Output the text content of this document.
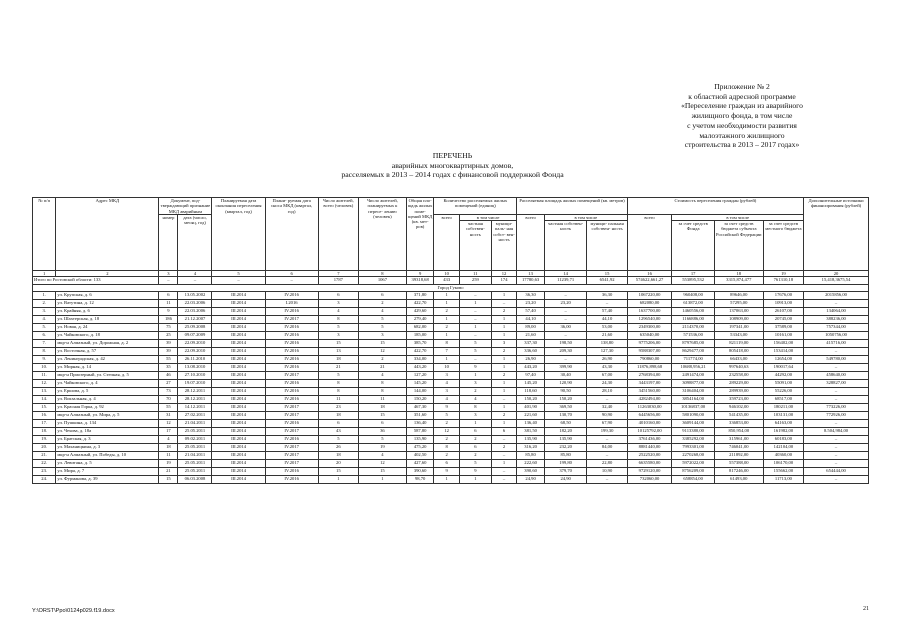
Приложение № 2
к областной адресной программе
«Переселение граждан из аварийного
жилищного фонда, в том числе
с учетом необходимости развития
малоэтажного жилищного
строительства в 2013 – 2017 годах»
ПЕРЕЧЕНЬ
аварийных многоквартирных домов,
расселяемых в 2013 – 2014 годах с финансовой поддержкой Фонда
№ п/п	Адрес МКД	Документ, под- тверждающий признание МКД аварийным		Планируемая дата окончания переселения (квартал, год)	Плани- руемая дата сноса МКД (квартал, год)	Число жителей, всего (человек)	Число жителей, планируемых к пересе- лению (человек)	Общая пло- щадь жилых поме- щений МКД (кв. мет- ров)	Количество расселяемых жилых помещений (единиц)			Расселяемая площадь жилых помещений (кв. метров)			Стоимость переселения граждан (рублей)				Дополнительные источники финансирования (рублей)
		номер	дата (число, месяц, год)						всего	в том числе		всего	в том числе		всего	в том числе			
										частная собствен- ность	муници- паль- ная собст- вен- ность		частная собствен- ность	муници- пальная собствен- ность		за счет средств Фонда	за счет средств бюджета субъекта Российской Федерации	за счет средств местного бюджета	
1	2	3	4	5	6	7	8	9	10	11	12	13	14	15	16	17	18	19	20
Итого по Ростовской области: 133		–	–	–	–	1787	1067	39318,68	433	259	174	17780,63	11239,71	6541,92	574622,661,27	553895,532	3315,874,477	761310,18	15,418,3675,54
Город Гуково																			
1.	ул. Крупская, д. 6	6	13.05.2002	III.2014	IV.2016	6	6	371,80	1	–	1	36,30	–	36,30	1067220,00	960408,00	89646,00	17676,00	2015856,00
2.	ул. Ватутина, д. 12	11	22.03.2006	III.2014	I.2016	3	2	422,70	1	1	–	23,20	23,20	–	682080,00	613872,00	57295,00	10913,00	–
3.	ул. Крайняя, д. 6	9	22.03.2006	III.2014	IV.2016	4	4	429,60	2	–	2	57,40	–	57,40	1637700,00	1460556,00	137063,00	26107,00	134064,00
4.	ул. Шахтерская, д. 18	186	21.12.2007	III.2014	IV.2017	8	5	279,40	1	–	1	44,10	–	44,10	1296540,00	1166886,00	108909,00	20745,00	388236,00
5.	ул. Новая, д. 24	75	25.09.2008	III.2014	IV.2016	5	5	682,00	2	1	1	89,00	36,00	53,00	2349300,00	2114370,00	197341,00	37589,00	757344,00
6.	ул. Чайковского, д. 18	25	09.07.2009	III.2014	IV.2016	3	3	185,00	1	–	1	21,60	–	21,60	635040,00	571536,00	53343,00	10161,00	1050756,00
7.	мкр-н Алмазный, ул. Дорожная, д. 2	39	22.09.2010	III.2014	IV.2016	15	15	385,70	8	5	3	337,30	198,50	138,80	9775206,00	8797685,00	821119,00	156402,00	415716,00
8.	ул. Восточная, д. 57	39	22.09.2010	III.2014	IV.2016	13	12	422,70	7	5	2	336,60	209,30	127,30	9588307,00	8629477,00	805418,00	153414,00	–
9.	ул. Ленинградская, д. 42	55	26.11.2010	III.2014	IV.2016	18	2	334,00	1	–	1	26,90	–	26,90	790860,00	711774,00	66433,00	12654,00	549780,00
10.	ул. Мирная, д. 14	35	13.08.2010	III.2014	IV.2016	21	21	443,20	10	9	1	443,20	399,90	43,30	11876,898,68	10688,956,21	997640,63	190017,64	–
11.	мкр-н Приозерный, ул. Степная, д. 5	46	27.10.2010	III.2014	IV.2017	5	4	127,20	3	1	2	97,40	30,40	67,00	2768394,00	2491474,00	232558,00	44292,00	458640,00
12.	ул. Чайковского, д. 4	27	19.07.2010	III.2014	IV.2016	8	8	145,20	4	3	1	145,20	120,90	24,30	3443197,00	3098877,00	289229,00	55091,00	328827,00
13.	ул. Ершова, д. 5	73	28.12.2011	III.2014	IV.2016	8	8	144,00	3	2	1	118,60	90,50	28,10	3451560,00	3106404,00	289939,00	55226,00	–
14.	ул. Вокзальная, д. 4	70	28.12.2011	III.2014	IV.2016	11	11	150,20	4	4	–	150,20	150,20	–	4282494,00	3854164,00	359723,00	68517,00	–
15.	ул. Красная Горка, д. 92	55	14.12.2011	III.2014	IV.2017	23	18	467,30	9	8	1	401,90	369,50	32,40	11263030,00	10136837,00	946102,00	180211,00	773226,00
16.	мкр-н Алмазный, ул. Мира, д. 5	31	27.02.2011	III.2014	IV.2017	18	15	351,60	5	3	2	221,60	130,70	90,90	6445656,00	5801090,00	541435,00	103131,00	772926,00
17.	ул. Пушкина, д. 134	12	21.04.2011	III.2014	IV.2016	6	6	136,40	2	1	1	136,40	68,50	67,90	4010160,00	3609144,00	336853,00	64163,00	–
18.	ул. Чехова, д. 18а	17	25.05.2011	III.2014	IV.2017	43	36	587,80	12	6	6	381,50	182,20	199,30	10125792,00	9113380,00	850,954,00	161982,00	8.504,984,00
19.	ул. Братская, д. 3	4	09.02.2011	III.2014	IV.2016	5	5	135,90	2	2	–	135,90	135,90	–	3761436,00	3385292,00	315961,00	60183,00	–
20.	ул. Маханицкина, д. 3	18	25.05.2011	III.2014	IV.2017	26	19	475,20	8	6	2	316,20	232,20	84,00	8881440,00	7993301,00	746041,00	142104,00	–
21.	мкр-н Алмазный, ул. Победы, д. 10	11	21.04.2011	III.2014	IV.2017	18	4	402,50	2	2	–	85,80	85,80	–	2522520,00	2270268,00	211892,00	40360,00	–
22.	ул. Левитана, д. 5	19	25.05.2011	III.2014	IV.2017	20	12	427,60	6	5	1	222,60	199,80	22,80	6635580,00	5972022,00	557388,00	106170,00	–
23.	ул. Мира, д. 7	21	25.05.2011	III.2014	IV.2016	15	15	390,60	9	9	–	390,60	379,70	10,90	9729120,00	8756209,00	817246,00	155662,00	654444,00
24.	ул. Фурманова, д. 39	15	06.03.2008	III.2014	IV.2016	1	1	98,70	1	1	–	24,90	24,90	–	732060,00	658854,00	61493,00	11713,00	–
Y:\ORST\Ppo\0124p029.f19.docx	21
